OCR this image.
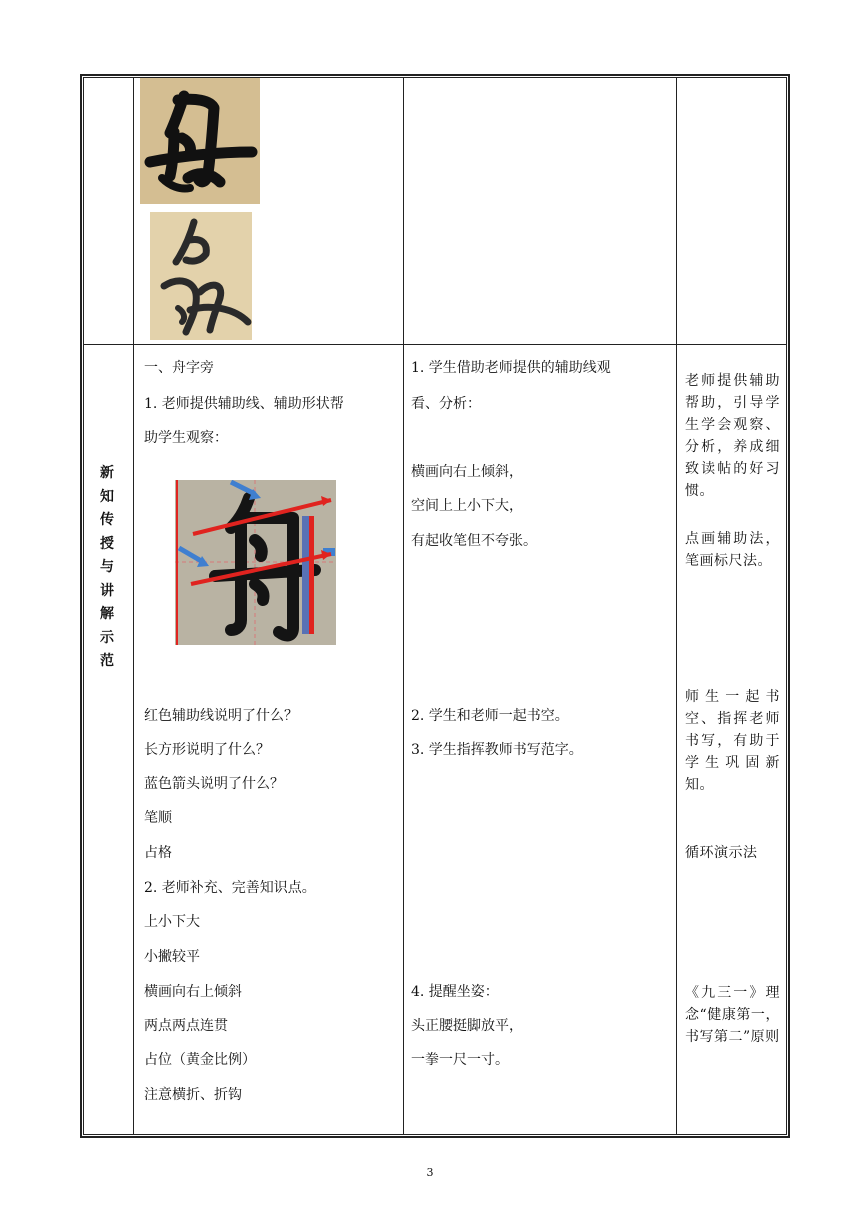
新
知
传
授
与
讲
解
示
范
一、舟字旁
1. 老师提供辅助线、辅助形状帮
助学生观察：
红色辅助线说明了什么？
长方形说明了什么？
蓝色箭头说明了什么？
笔顺
占格
2. 老师补充、完善知识点。
上小下大
小撇较平
横画向右上倾斜
两点两点连贯
占位（黄金比例）
注意横折、折钩
1. 学生借助老师提供的辅助线观
看、分析：
横画向右上倾斜，
空间上上小下大，
有起收笔但不夸张。
2. 学生和老师一起书空。
3. 学生指挥教师书写范字。
4. 提醒坐姿：
头正腰挺脚放平，
一拳一尺一寸。
老师提供辅助帮助，引导学生学会观察、分析，养成细致读帖的好习惯。
点画辅助法，笔画标尺法。
师生一起书空、指挥老师书写，有助于学生巩固新知。
循环演示法
《九三一》理念“健康第一，书写第二”原则
3
